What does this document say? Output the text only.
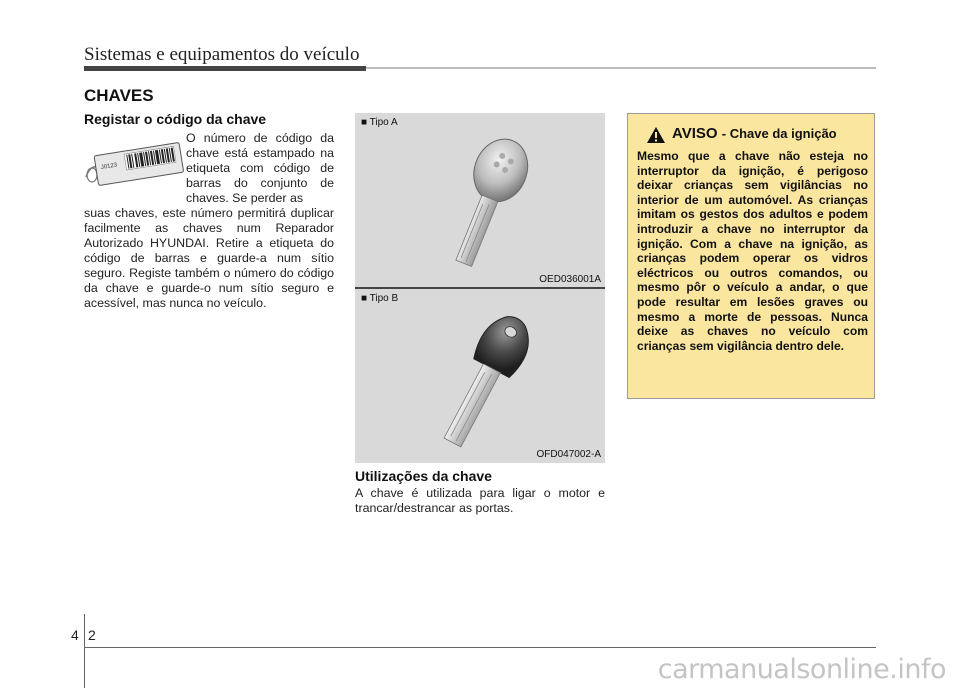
Sistemas e equipamentos do veículo
CHAVES
Registar o código da chave
J0123
O número de código da chave está estampado na etiqueta com código de barras do conjunto de chaves. Se perder as
suas chaves, este número permitirá duplicar facilmente as chaves num Reparador Autorizado HYUNDAI. Retire a etiqueta do código de barras e guarde-a num sítio seguro. Registe também o número do código da chave e guarde-o num sítio seguro e acessível, mas nunca no veículo.
■ Tipo A
OED036001A
■ Tipo B
OFD047002-A
Utilizações da chave
A chave é utilizada para ligar o motor e trancar/destrancar as portas.
AVISO - Chave da ignição
Mesmo que a chave não esteja no interruptor da ignição, é perigoso deixar crianças sem vigilâncias no interior de um automóvel. As crianças imitam os gestos dos adultos e podem introduzir a chave no interruptor da ignição. Com a chave na ignição, as crianças podem operar os vidros eléctricos ou outros comandos, ou mesmo pôr o veículo a andar, o que pode resultar em lesões graves ou mesmo a morte de pessoas. Nunca deixe as chaves no veículo com crianças sem vigilância dentro dele.
4 2
carmanualsonline.info
